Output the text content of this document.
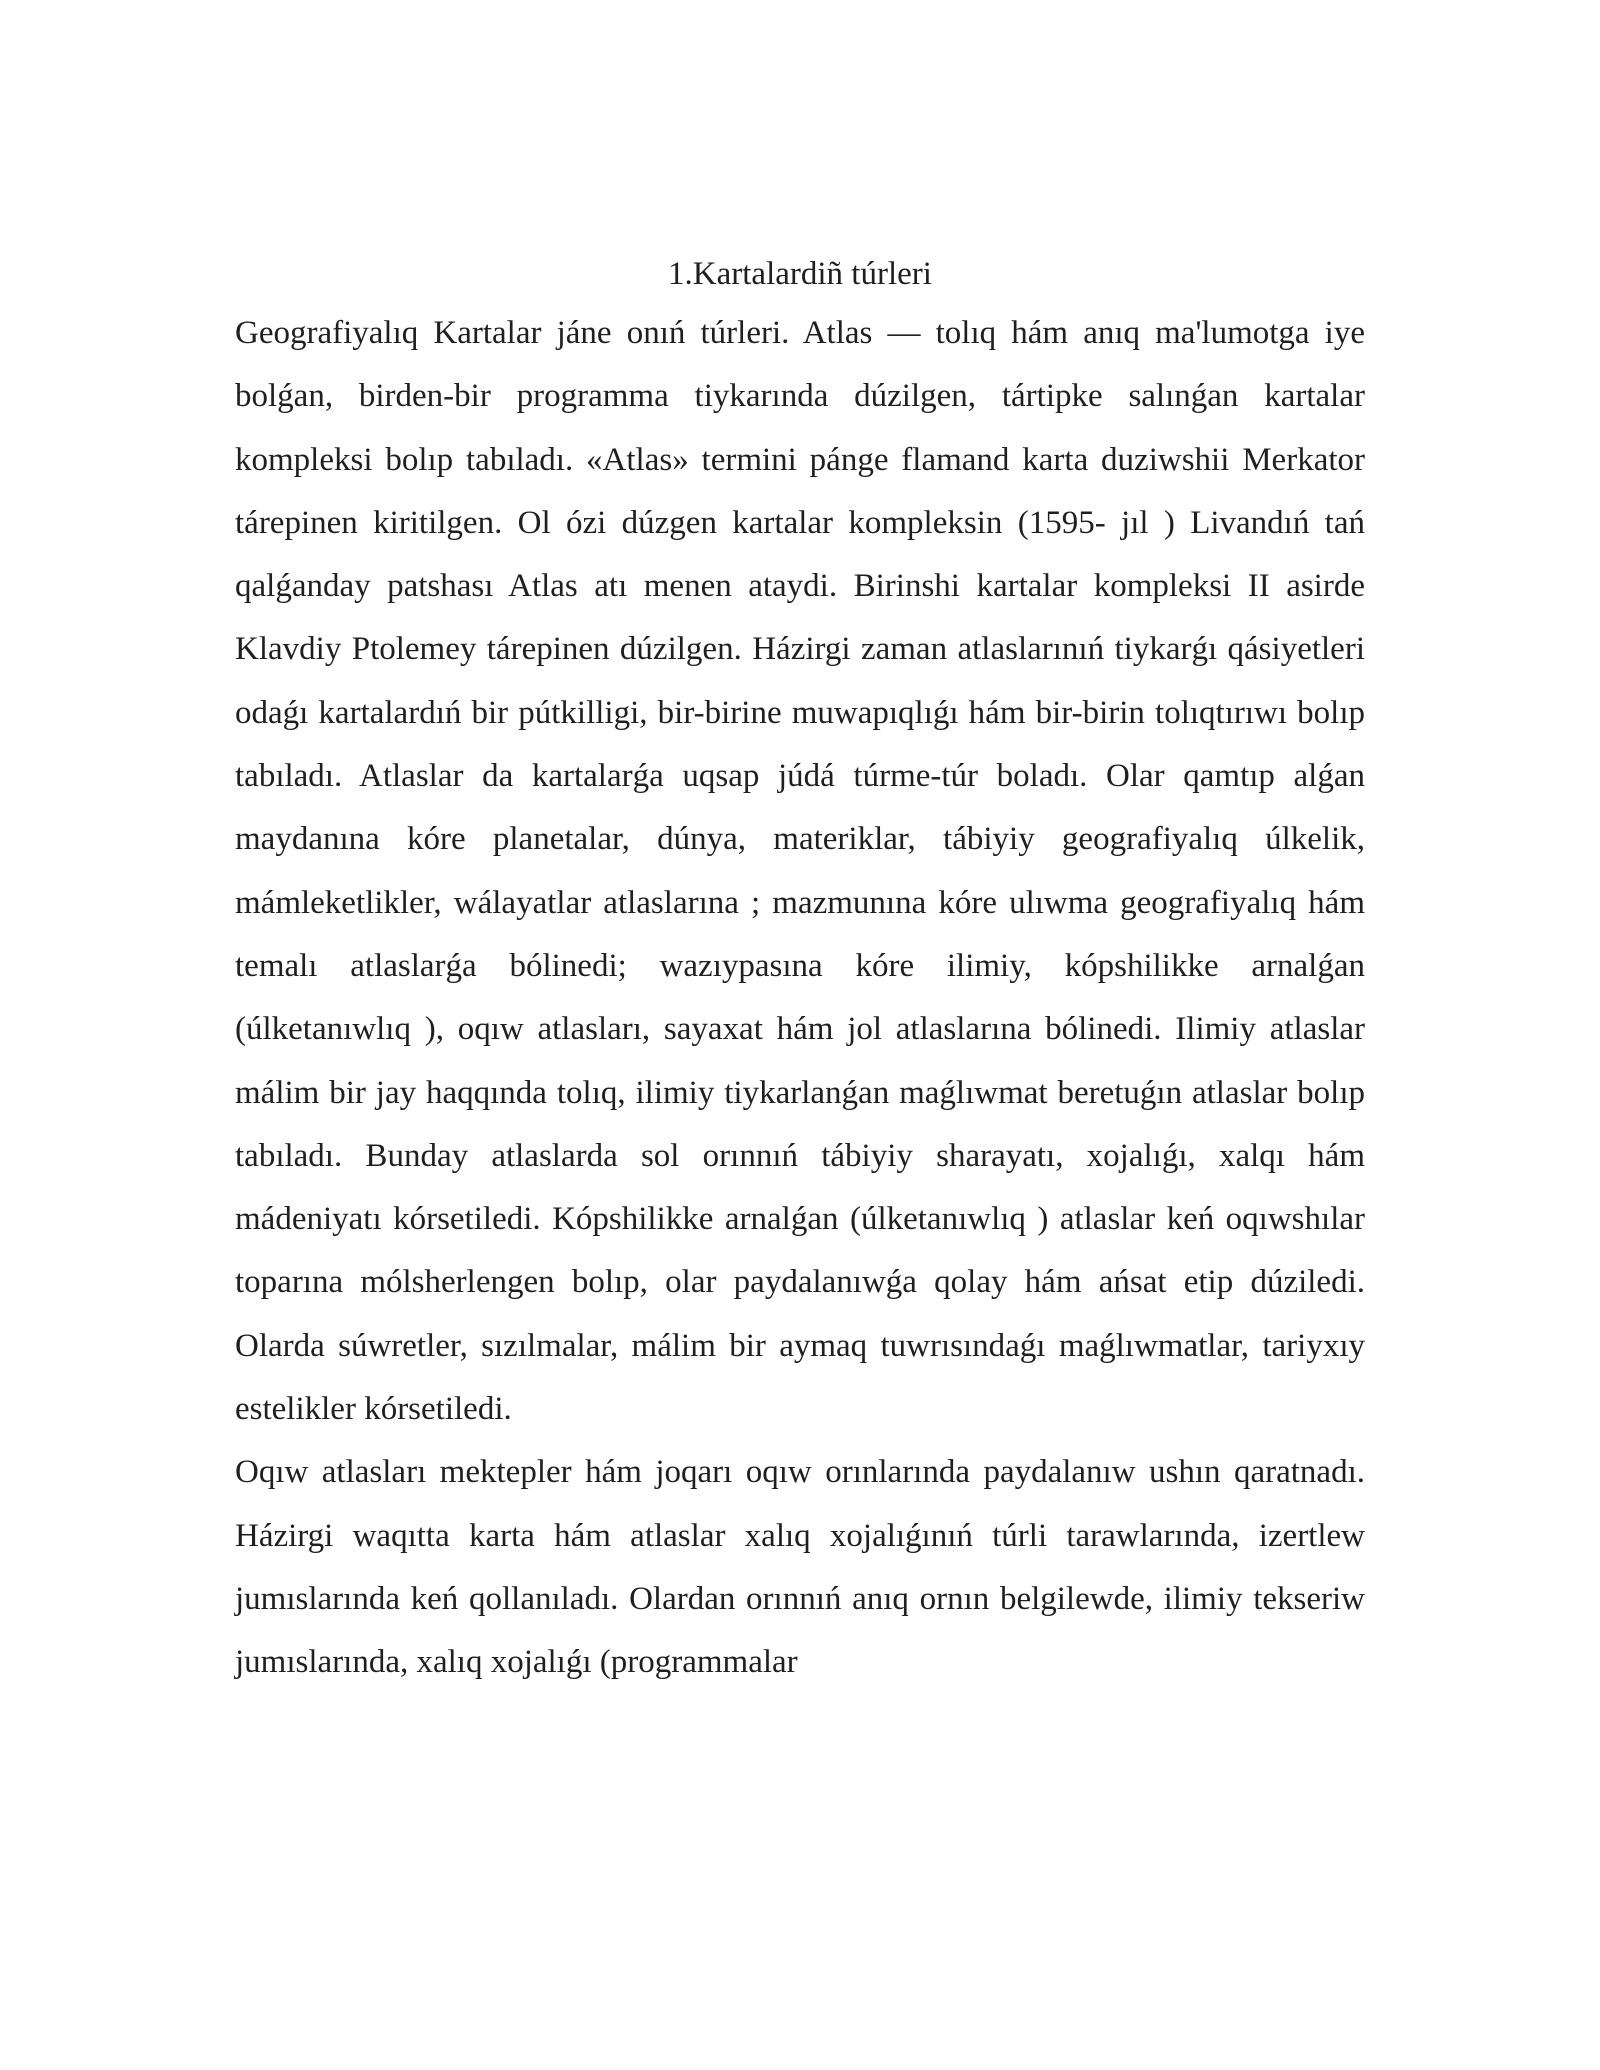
1.Kartalardiñ túrleri

Geografiyalıq Kartalar jáne onıń túrleri. Atlas — tolıq hám anıq ma'lumotga iye bolǵan, birden-bir programma tiykarında dúzilgen, tártipke salınǵan kartalar kompleksi bolıp tabıladı. «Atlas» termini pánge flamand karta duziwshii Merkator tárepinen kiritilgen. Ol ózi dúzgen kartalar kompleksin (1595- jıl ) Livandıń tań qalǵanday patshası Atlas atı menen ataydi. Birinshi kartalar kompleksi II asirde Klavdiy Ptolemey tárepinen dúzilgen. Házirgi zaman atlaslarınıń tiykarǵı qásiyetleri odaǵı kartalardıń bir pútkilligi, bir-birine muwapıqlıǵı hám bir-birin tolıqtırıwı bolıp tabıladı. Atlaslar da kartalarǵa uqsap júdá túrme-túr boladı. Olar qamtıp alǵan maydanına kóre planetalar, dúnya, materiklar, tábiyiy geografiyalıq úlkelik, mámleketlikler, wálayatlar atlaslarına ; mazmunına kóre ulıwma geografiyalıq hám temalı atlaslarǵa bólinedi; wazıypasına kóre ilimiy, kópshilikke arnalǵan (úlketanıwlıq ), oqıw atlasları, sayaxat hám jol atlaslarına bólinedi. Ilimiy atlaslar málim bir jay haqqında tolıq, ilimiy tiykarlanǵan maǵlıwmat beretuǵın atlaslar bolıp tabıladı. Bunday atlaslarda sol orınnıń tábiyiy sharayatı, xojalıǵı, xalqı hám mádeniyatı kórsetiledi. Kópshilikke arnalǵan (úlketanıwlıq ) atlaslar keń oqıwshılar toparına mólsherlengen bolıp, olar paydalanıwǵa qolay hám ańsat etip dúziledi. Olarda súwretler, sızılmalar, málim bir aymaq tuwrısındaǵı maǵlıwmatlar, tariyxıy estelikler kórsetiledi.

Oqıw atlasları mektepler hám joqarı oqıw orınlarında paydalanıw ushın qaratnadı. Házirgi waqıtta karta hám atlaslar xalıq xojalıǵınıń túrli tarawlarında, izertlew jumıslarında keń qollanıladı. Olardan orınnıń anıq ornın belgilewde, ilimiy tekseriw jumıslarında, xalıq xojalıǵı (programmalar
